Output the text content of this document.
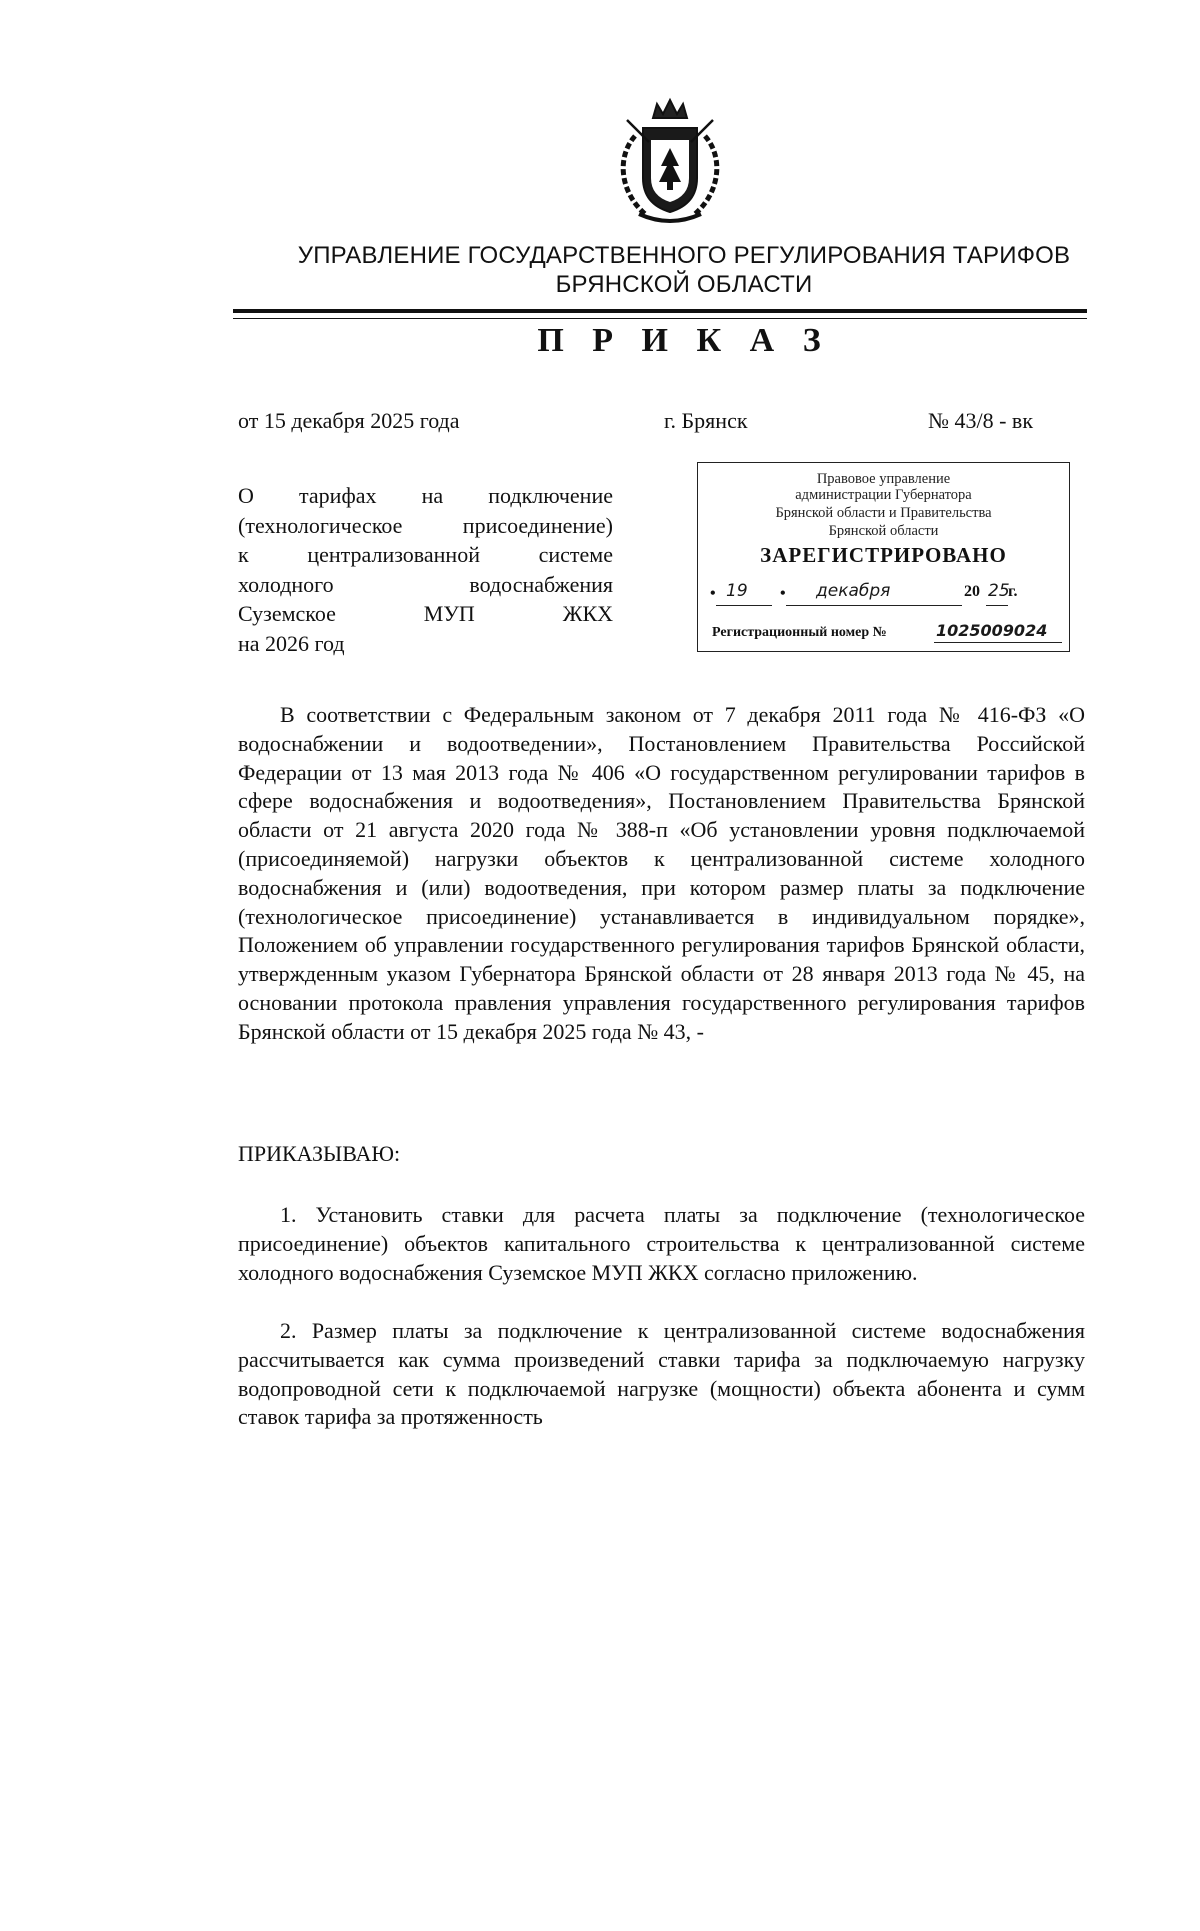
УПРАВЛЕНИЕ ГОСУДАРСТВЕННОГО РЕГУЛИРОВАНИЯ ТАРИФОВ
БРЯНСКОЙ ОБЛАСТИ
П Р И К А З
от 15 декабря 2025 года	г. Брянск	№ 43/8 - вк
О тарифах на подключение
(технологическое присоединение)
к централизованной системе
холодного водоснабжения
Суземское МУП ЖКХ
на 2026 год
Правовое управление
администрации Губернатора
Брянской области и Правительства
Брянской области
ЗАРЕГИСТРИРОВАНО
• 19 • декабря	20 25
г.
Регистрационный номер №	1025009024
В соответствии с Федеральным законом от 7 декабря 2011 года № 416-ФЗ «О водоснабжении и водоотведении», Постановлением Правительства Российской Федерации от 13 мая 2013 года № 406 «О государственном регулировании тарифов в сфере водоснабжения и водоотведения», Постановлением Правительства Брянской области от 21 августа 2020 года № 388-п «Об установлении уровня подключаемой (присоединяемой) нагрузки объектов к централизованной системе холодного водоснабжения и (или) водоотведения, при котором размер платы за подключение (технологическое присоединение) устанавливается в индивидуальном порядке», Положением об управлении государственного регулирования тарифов Брянской области, утвержденным указом Губернатора Брянской области от 28 января 2013 года № 45, на основании протокола правления управления государственного регулирования тарифов Брянской области от 15 декабря 2025 года № 43, -
ПРИКАЗЫВАЮ:
1. Установить ставки для расчета платы за подключение (технологическое присоединение) объектов капитального строительства к централизованной системе холодного водоснабжения Суземское МУП ЖКХ согласно приложению.
2. Размер платы за подключение к централизованной системе водоснабжения рассчитывается как сумма произведений ставки тарифа за подключаемую нагрузку водопроводной сети к подключаемой нагрузке (мощности) объекта абонента и сумм ставок тарифа за протяженность
